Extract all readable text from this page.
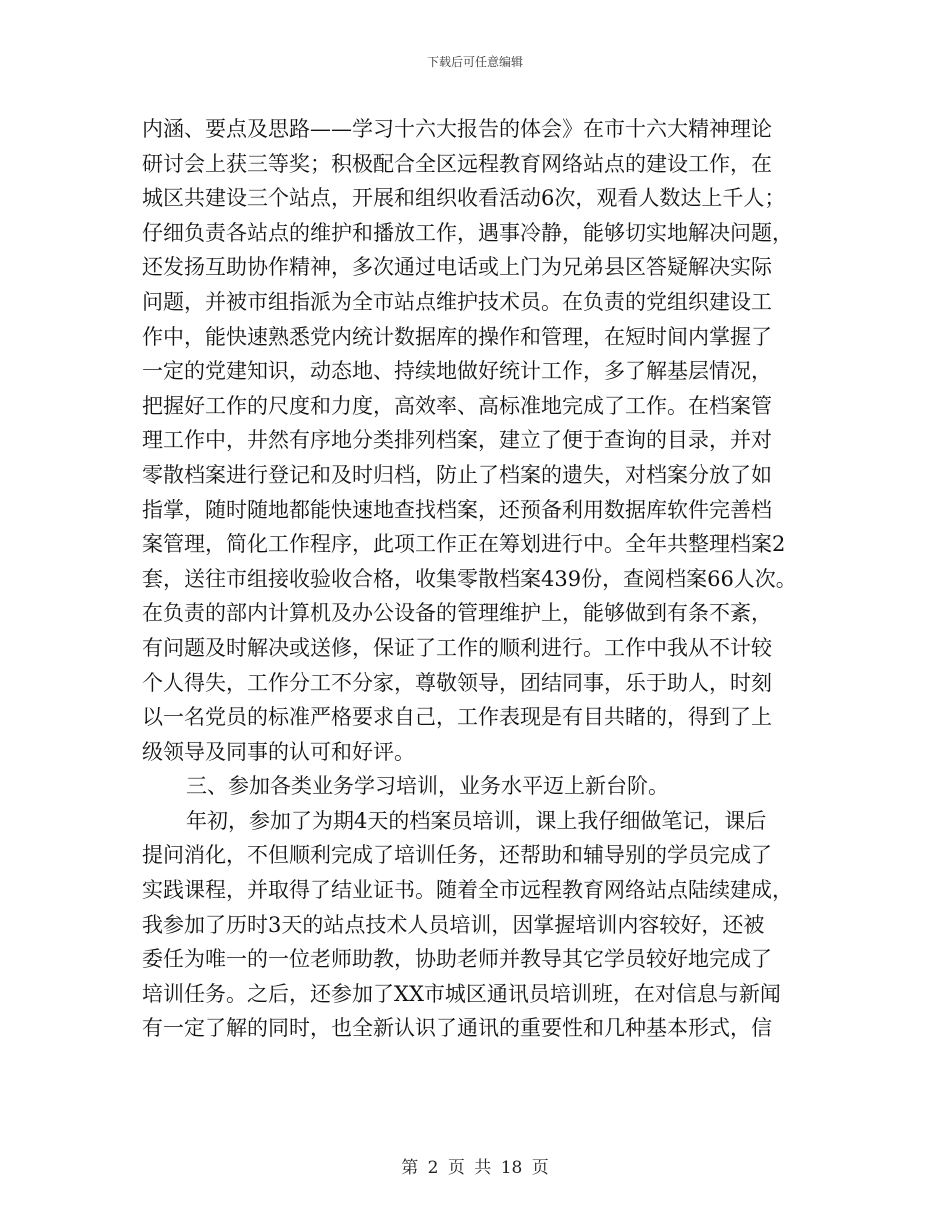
下载后可任意编辑
内涵、要点及思路——学习十六大报告的体会》在市十六大精神理论
研讨会上获三等奖；积极配合全区远程教育网络站点的建设工作，在
城区共建设三个站点，开展和组织收看活动6次，观看人数达上千人；
仔细负责各站点的维护和播放工作，遇事冷静，能够切实地解决问题，
还发扬互助协作精神，多次通过电话或上门为兄弟县区答疑解决实际
问题，并被市组指派为全市站点维护技术员。在负责的党组织建设工
作中，能快速熟悉党内统计数据库的操作和管理，在短时间内掌握了
一定的党建知识，动态地、持续地做好统计工作，多了解基层情况，
把握好工作的尺度和力度，高效率、高标准地完成了工作。在档案管
理工作中，井然有序地分类排列档案，建立了便于查询的目录，并对
零散档案进行登记和及时归档，防止了档案的遗失，对档案分放了如
指掌，随时随地都能快速地查找档案，还预备利用数据库软件完善档
案管理，简化工作程序，此项工作正在筹划进行中。全年共整理档案2
套，送往市组接收验收合格，收集零散档案439份，查阅档案66人次。
在负责的部内计算机及办公设备的管理维护上，能够做到有条不紊，
有问题及时解决或送修，保证了工作的顺利进行。工作中我从不计较
个人得失，工作分工不分家，尊敬领导，团结同事，乐于助人，时刻
以一名党员的标准严格要求自己，工作表现是有目共睹的，得到了上
级领导及同事的认可和好评。
三、参加各类业务学习培训，业务水平迈上新台阶。
年初，参加了为期4天的档案员培训，课上我仔细做笔记，课后
提问消化，不但顺利完成了培训任务，还帮助和辅导别的学员完成了
实践课程，并取得了结业证书。随着全市远程教育网络站点陆续建成，
我参加了历时3天的站点技术人员培训，因掌握培训内容较好，还被
委任为唯一的一位老师助教，协助老师并教导其它学员较好地完成了
培训任务。之后，还参加了XX市城区通讯员培训班，在对信息与新闻
有一定了解的同时，也全新认识了通讯的重要性和几种基本形式，信
第 2 页 共 18 页
